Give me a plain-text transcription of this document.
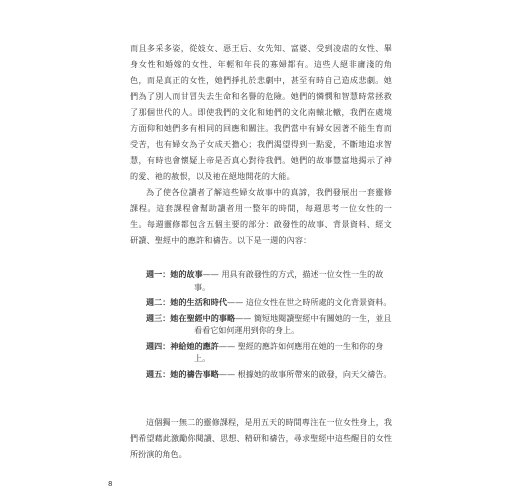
而且多采多姿，從妓女、惡王后、女先知、富婆、受到凌虐的女性、畢身女性和婚嫁的女性、年輕和年長的寡婦都有。這些人絕非庸淺的角色，而是真正的女性，她們掙扎於悲劇中，甚至有時自己造成悲劇。她們為了別人而甘冒失去生命和名譽的危險。她們的憐憫和智慧時常拯救了那個世代的人。即使我們的文化和她們的文化南轅北轍，我們在處境方面仰和她們多有相同的回應和關注。我們當中有婦女因著不能生育而受苦，也有婦女為子女成天擔心；我們渴望得到一點愛，不斷地追求智慧，有時也會懷疑上帝是否真心對待我們。她們的故事豐富地揭示了神的愛、祂的赦恨，以及祂在絕地開花的大能。
為了使各位讀者了解這些婦女故事中的真諦，我們發展出一套靈修課程。這套課程會幫助讀者用一整年的時間，每週思考一位女性的一生。每週靈修都包含五個主要的部分：啟發性的故事、背景資料、經文研讀、聖經中的應許和禱告。以下是一週的內容：
週一：她的故事—— 用具有啟發性的方式，描述一位女性一生的故事。
週二：她的生活和時代—— 這位女性在世之時所處的文化背景資料。
週三：她在聖經中的事略—— 簡短地閱讀聖經中有關她的一生，並且看看它如何運用到你的身上。
週四：神給她的應許—— 聖經的應許如何應用在她的一生和你的身上。
週五：她的禱告事略—— 根據她的故事所帶來的啟發，向天父禱告。
這個獨一無二的靈修課程，是用五天的時間專注在一位女性身上，我們希望藉此激勵你閱讀、思想、精研和禱告，尋求聖經中這些醒目的女性所扮演的角色。
8
